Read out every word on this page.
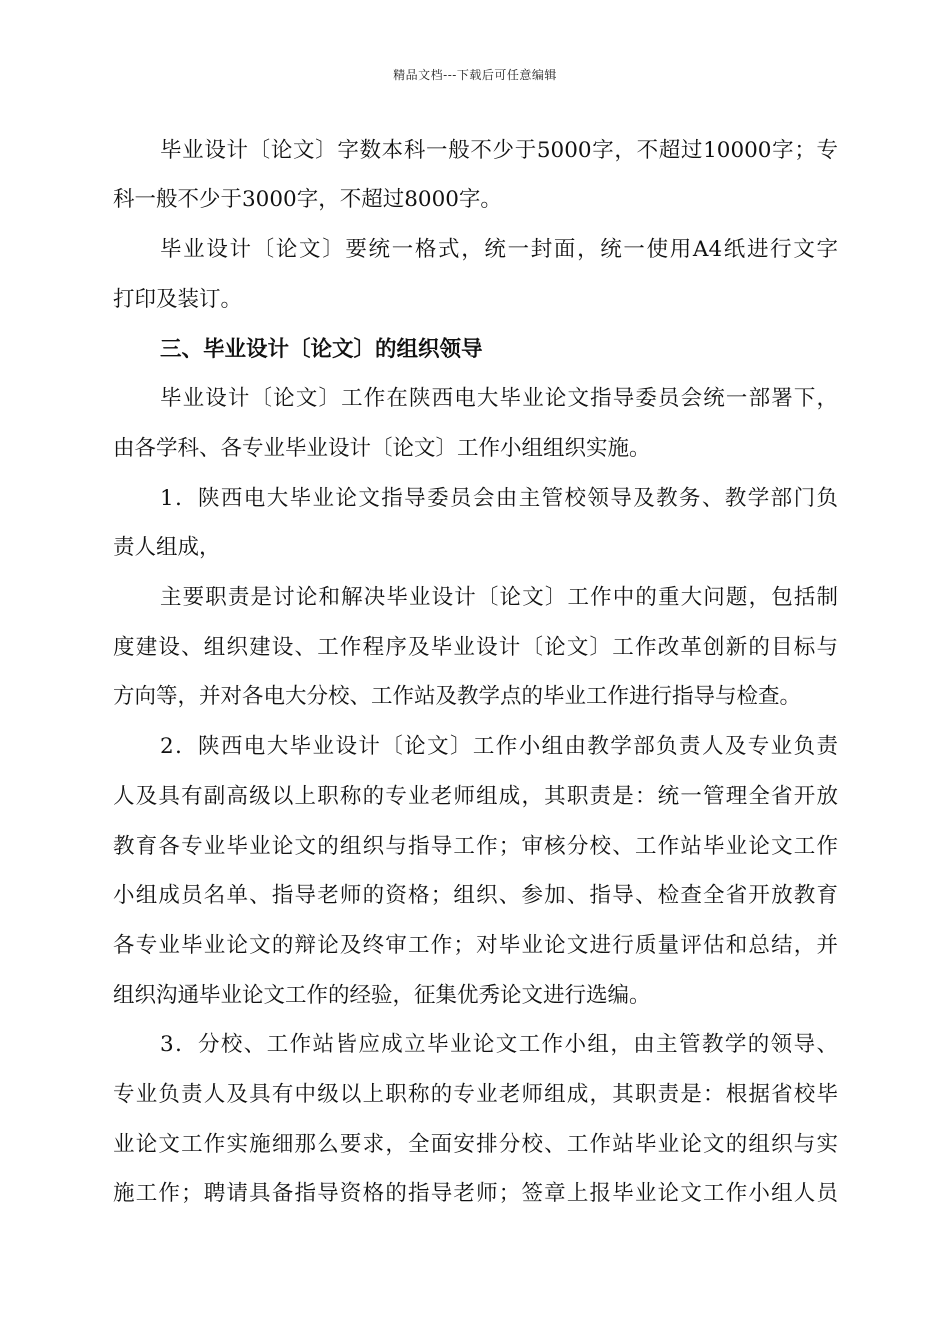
精品文档---下载后可任意编辑
毕业设计〔论文〕字数本科一般不少于5000字，不超过10000字；专
科一般不少于3000字，不超过8000字。
毕业设计〔论文〕要统一格式，统一封面，统一使用A4纸进行文字
打印及装订。
三、毕业设计〔论文〕的组织领导
毕业设计〔论文〕工作在陕西电大毕业论文指导委员会统一部署下，
由各学科、各专业毕业设计〔论文〕工作小组组织实施。
1．陕西电大毕业论文指导委员会由主管校领导及教务、教学部门负
责人组成，
主要职责是讨论和解决毕业设计〔论文〕工作中的重大问题，包括制
度建设、组织建设、工作程序及毕业设计〔论文〕工作改革创新的目标与
方向等，并对各电大分校、工作站及教学点的毕业工作进行指导与检查。
2．陕西电大毕业设计〔论文〕工作小组由教学部负责人及专业负责
人及具有副高级以上职称的专业老师组成，其职责是：统一管理全省开放
教育各专业毕业论文的组织与指导工作；审核分校、工作站毕业论文工作
小组成员名单、指导老师的资格；组织、参加、指导、检查全省开放教育
各专业毕业论文的辩论及终审工作；对毕业论文进行质量评估和总结，并
组织沟通毕业论文工作的经验，征集优秀论文进行选编。
3．分校、工作站皆应成立毕业论文工作小组，由主管教学的领导、
专业负责人及具有中级以上职称的专业老师组成，其职责是：根据省校毕
业论文工作实施细那么要求，全面安排分校、工作站毕业论文的组织与实
施工作；聘请具备指导资格的指导老师；签章上报毕业论文工作小组人员
